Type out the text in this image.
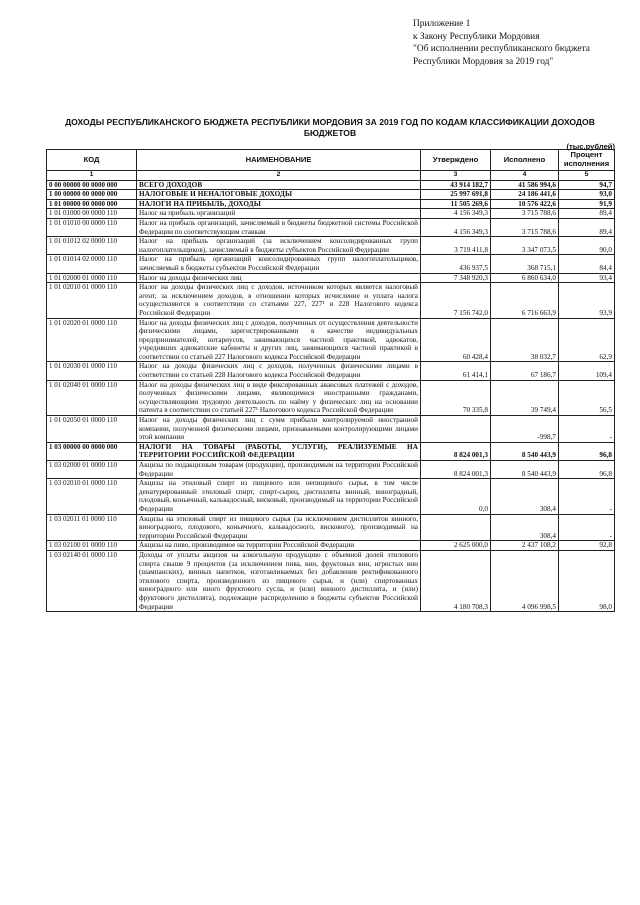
Приложение 1
к Закону Республики Мордовия
"Об исполнении республиканского бюджета
Республики Мордовия за 2019 год"
ДОХОДЫ РЕСПУБЛИКАНСКОГО БЮДЖЕТА РЕСПУБЛИКИ МОРДОВИЯ ЗА 2019 ГОД ПО КОДАМ КЛАССИФИКАЦИИ ДОХОДОВ
БЮДЖЕТОВ
(тыс.рублей)
КОД	НАИМЕНОВАНИЕ	Утверждено	Исполнено	Процент исполнения
1	2	3	4	5
0 00 00000 00 0000 000	ВСЕГО ДОХОДОВ	43 914 182,7	41 586 994,6	94,7
1 00 00000 00 0000 000	НАЛОГОВЫЕ И НЕНАЛОГОВЫЕ ДОХОДЫ	25 997 691,8	24 186 441,6	93,0
1 01 00000 00 0000 000	НАЛОГИ НА ПРИБЫЛЬ, ДОХОДЫ	11 505 269,6	10 576 422,6	91,9
1 01 01000 00 0000 110	Налог на прибыль организаций	4 156 349,3	3 715 788,6	89,4
1 01 01010 00 0000 110	Налог на прибыль организаций, зачисляемый в бюджеты бюджетной системы Российской Федерации по соответствующим ставкам	4 156 349,3	3 715 788,6	89,4
1 01 01012 02 0000 110	Налог на прибыль организаций (за исключением консолидированных групп налогоплательщиков), зачисляемый в бюджеты субъектов Российской Федерации	3 719 411,8	3 347 073,5	90,0
1 01 01014 02 0000 110	Налог на прибыль организаций консолидированных групп налогоплательщиков, зачисляемый в бюджеты субъектов Российской Федерации	436 937,5	368 715,1	84,4
1 01 02000 01 0000 110	Налог на доходы физических лиц	7 348 920,3	6 860 634,0	93,4
1 01 02010 01 0000 110	Налог на доходы физических лиц с доходов, источником которых является налоговый агент, за исключением доходов, в отношении которых исчисление и уплата налога осуществляются в соответствии со статьями 227, 227¹ и 228 Налогового кодекса Российской Федерации	7 156 742,0	6 716 663,9	93,9
1 01 02020 01 0000 110	Налог на доходы физических лиц с доходов, полученных от осуществления деятельности физическими лицами, зарегистрированными в качестве индивидуальных предпринимателей, нотариусов, занимающихся частной практикой, адвокатов, учредивших адвокатские кабинеты и других лиц, занимающихся частной практикой в соответствии со статьей 227 Налогового кодекса Российской Федерации	60 428,4	38 032,7	62,9
1 01 02030 01 0000 110	Налог на доходы физических лиц с доходов, полученных физическими лицами в соответствии со статьей 228 Налогового кодекса Российской Федерации	61 414,1	67 186,7	109,4
1 01 02040 01 0000 110	Налог на доходы физических лиц в виде фиксированных авансовых платежей с доходов, полученных физическими лицами, являющимися иностранными гражданами, осуществляющими трудовую деятельность по найму у физических лиц на основании патента в соответствии со статьей 227¹ Налогового кодекса Российской Федерации	70 335,8	39 749,4	56,5
1 01 02050 01 0000 110	Налог на доходы физических лиц с сумм прибыли контролируемой иностранной компании, полученной физическими лицами, признаваемыми контролирующими лицами этой компании		-998,7	-
1 03 00000 00 0000 000	НАЛОГИ НА ТОВАРЫ (РАБОТЫ, УСЛУГИ), РЕАЛИЗУЕМЫЕ НА ТЕРРИТОРИИ РОССИЙСКОЙ ФЕДЕРАЦИИ	8 824 001,3	8 540 443,9	96,8
1 03 02000 01 0000 110	Акцизы по подакцизным товарам (продукции), производимым на территории Российской Федерации	8 824 001,3	8 540 443,9	96,8
1 03 02010 01 0000 110	Акцизы на этиловый спирт из пищевого или непищевого сырья, в том числе денатурированный этиловый спирт, спирт-сырец, дистилляты винный, виноградный, плодовый, коньячный, кальвадосный, висковый, производимый на территории Российской Федерации	0,0	308,4	-
1 03 02011 01 0000 110	Акцизы на этиловый спирт из пищевого сырья (за исключением дистиллятов винного, виноградного, плодового, коньячного, кальвадосного, вискового), производимый на территории Российской Федерации		308,4	-
1 03 02100 01 0000 110	Акцизы на пиво, производимое на территории Российской Федерации	2 625 000,0	2 437 108,2	92,8
1 03 02140 01 0000 110	Доходы от уплаты акцизов на алкогольную продукцию с объемной долей этилового спирта свыше 9 процентов (за исключением пива, вин, фруктовых вин, игристых вин (шампанских), винных напитков, изготавливаемых без добавления ректификованного этилового спирта, произведенного из пищевого сырья, и (или) спиртованных виноградного или иного фруктового сусла, и (или) винного дистиллята, и (или) фруктового дистиллята), подлежащие распределению в бюджеты субъектов Российской Федерации	4 180 708,3	4 096 998,5	98,0
